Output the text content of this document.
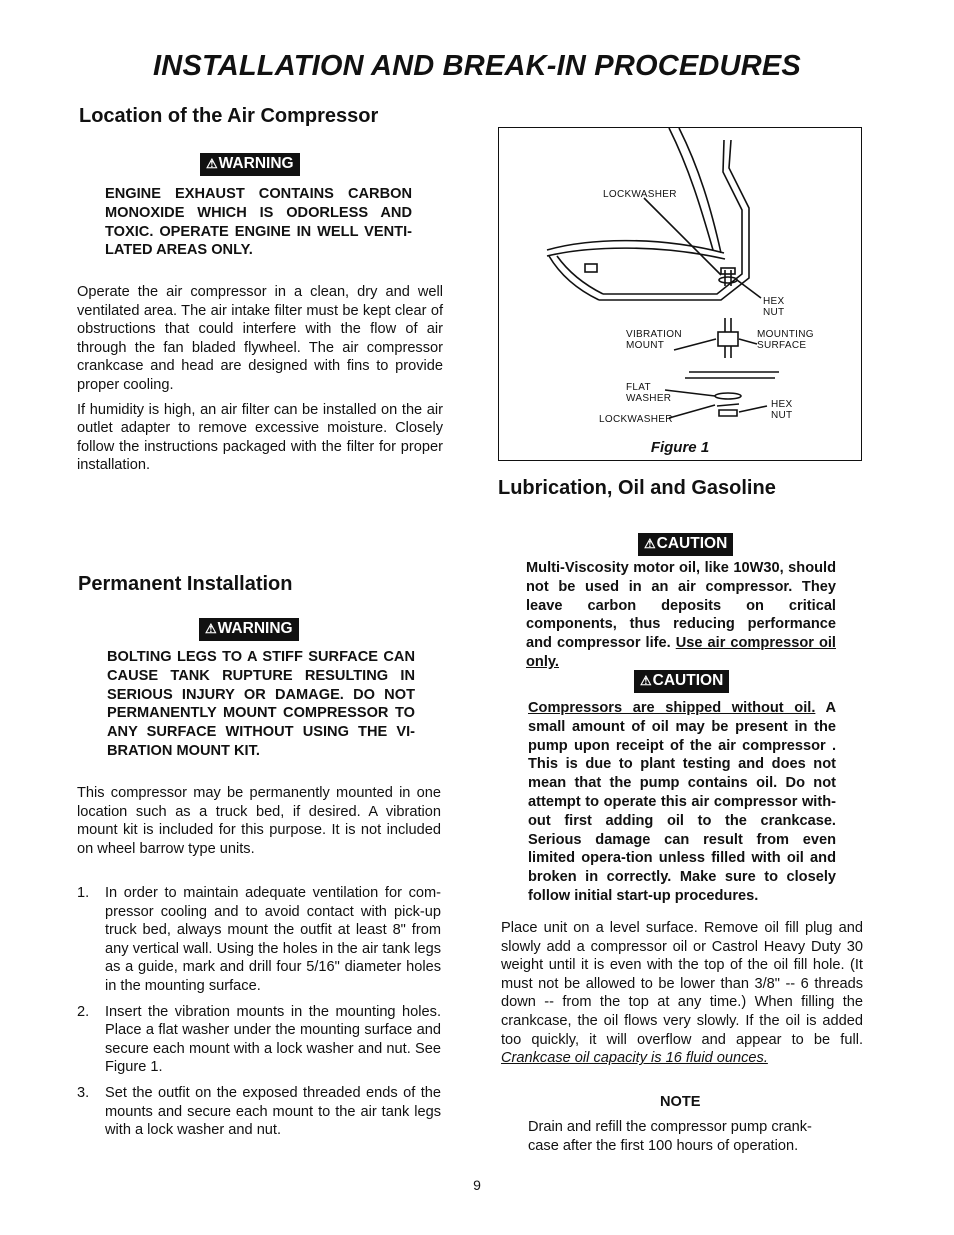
INSTALLATION AND BREAK-IN PROCEDURES
Location of the Air Compressor
⚠WARNING

ENGINE EXHAUST CONTAINS CARBON MONOXIDE WHICH IS ODORLESS AND TOXIC. OPERATE ENGINE IN WELL VENTI-LATED AREAS ONLY.

Operate the air compressor in a clean, dry and well ventilated area. The air intake filter must be kept clear of obstructions that could interfere with the flow of air through the fan bladed flywheel. The air compressor crankcase and head are designed with fins to provide proper cooling.

If humidity is high, an air filter can be installed on the air outlet adapter to remove excessive moisture. Closely follow the instructions packaged with the filter for proper installation.

Permanent Installation
⚠WARNING

BOLTING LEGS TO A STIFF SURFACE CAN CAUSE TANK RUPTURE RESULTING IN SERIOUS INJURY OR DAMAGE. DO NOT PERMANENTLY MOUNT COMPRESSOR TO ANY SURFACE WITHOUT USING THE VI-BRATION MOUNT KIT.

This compressor may be permanently mounted in one location such as a truck bed, if desired. A vibration mount kit is included for this purpose. It is not included on wheel barrow type units.

1. In order to maintain adequate ventilation for com-pressor cooling and to avoid contact with pick-up truck bed, always mount the outfit at least 8" from any vertical wall. Using the holes in the air tank legs as a guide, mark and drill four 5/16" diameter holes in the mounting surface.
2. Insert the vibration mounts in the mounting holes. Place a flat washer under the mounting surface and secure each mount with a lock washer and nut. See Figure 1.
3. Set the outfit on the exposed threaded ends of the mounts and secure each mount to the air tank legs with a lock washer and nut.
LOCKWASHER
HEX
NUT
VIBRATION
MOUNT
MOUNTING
SURFACE
FLAT
WASHER
LOCKWASHER
HEX
NUT
Figure 1
Lubrication, Oil and Gasoline
⚠CAUTION

Multi-Viscosity motor oil, like 10W30, should not be used in an air compressor. They leave carbon deposits on critical components, thus reducing performance and compressor life. Use air compressor oil only.

⚠CAUTION

Compressors are shipped without oil. A small amount of oil may be present in the pump upon receipt of the air compressor . This is due to plant testing and does not mean that the pump contains oil. Do not attempt to operate this air compressor with-out first adding oil to the crankcase. Serious damage can result from even limited opera-tion unless filled with oil and broken in correctly. Make sure to closely follow initial start-up procedures.

Place unit on a level surface. Remove oil fill plug and slowly add a compressor oil or Castrol Heavy Duty 30 weight until it is even with the top of the oil fill hole. (It must not be allowed to be lower than 3/8" -- 6 threads down -- from the top at any time.) When filling the crankcase, the oil flows very slowly. If the oil is added too quickly, it will overflow and appear to be full. Crankcase oil capacity is 16 fluid ounces.

NOTE

Drain and refill the compressor pump crank-case after the first 100 hours of operation.

9
